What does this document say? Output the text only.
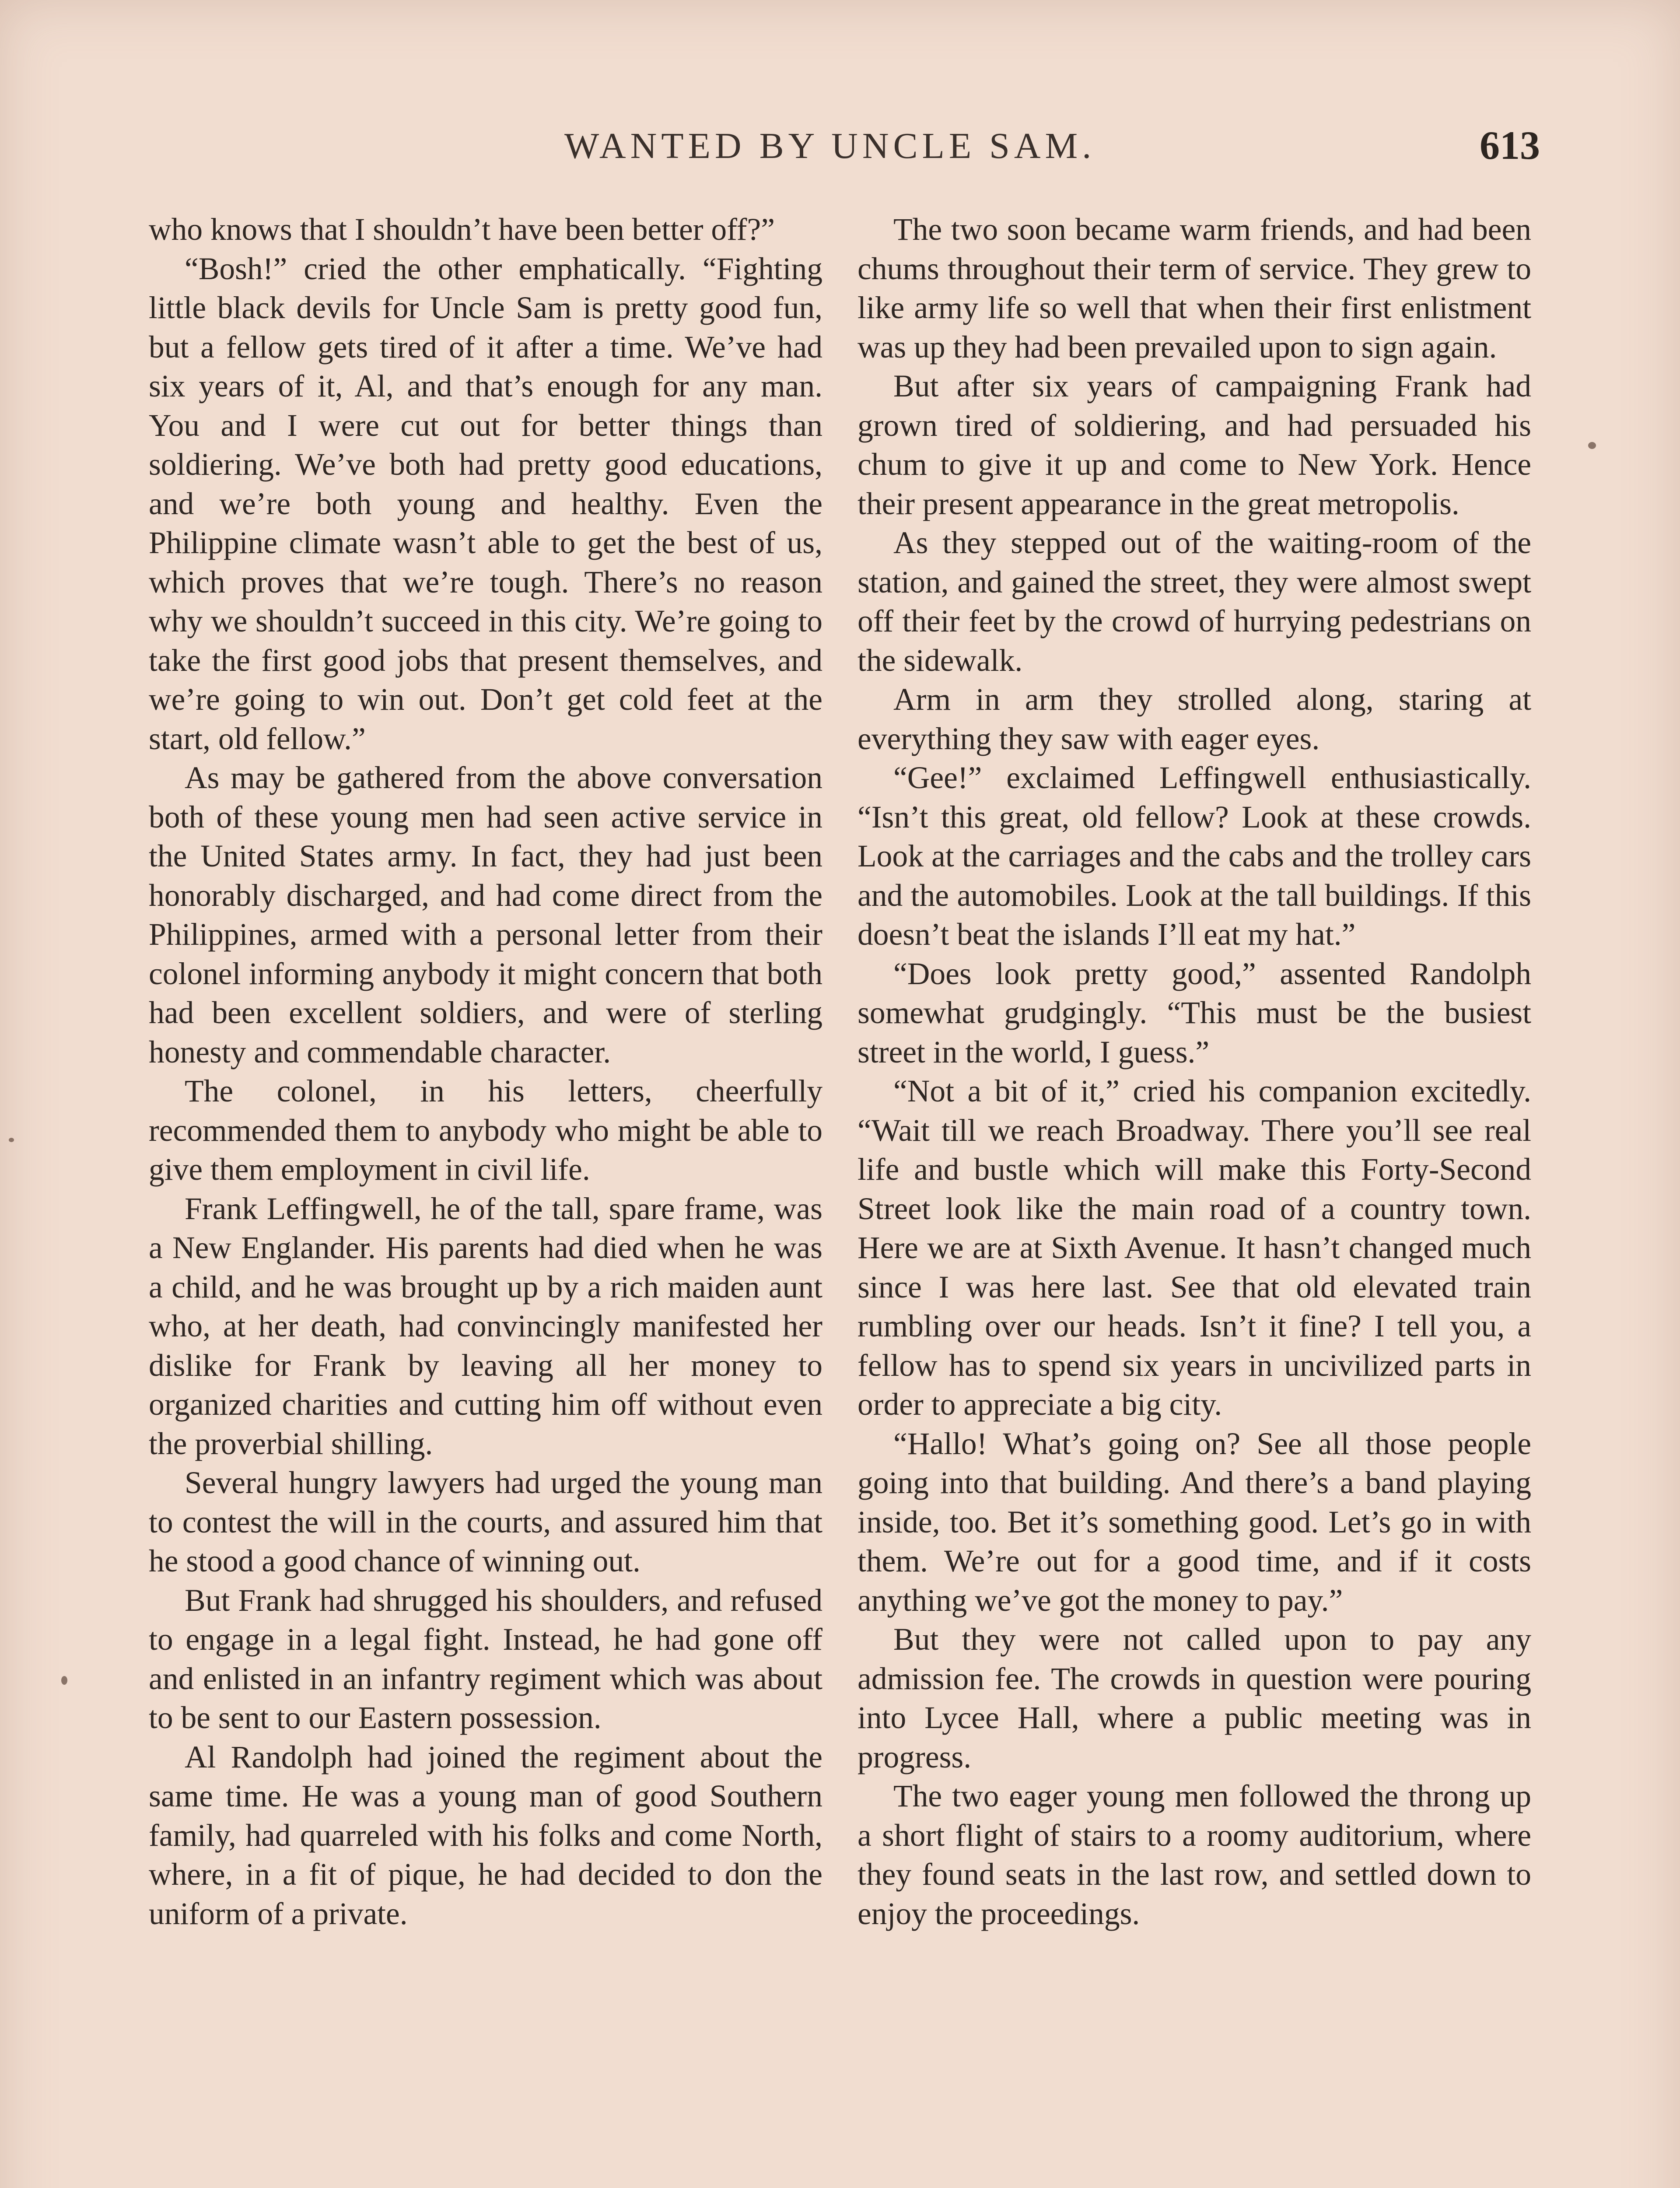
WANTED BY UNCLE SAM.	613

who knows that I shouldn’t have been better off?”

“Bosh!” cried the other emphatically. “Fighting little black devils for Uncle Sam is pretty good fun, but a fellow gets tired of it after a time. We’ve had six years of it, Al, and that’s enough for any man. You and I were cut out for better things than soldiering. We’ve both had pretty good educations, and we’re both young and healthy. Even the Philippine climate wasn’t able to get the best of us, which proves that we’re tough. There’s no reason why we shouldn’t succeed in this city. We’re going to take the first good jobs that present themselves, and we’re going to win out. Don’t get cold feet at the start, old fellow.”

As may be gathered from the above conversation both of these young men had seen active service in the United States army. In fact, they had just been honorably discharged, and had come direct from the Philippines, armed with a personal letter from their colonel informing anybody it might concern that both had been excellent soldiers, and were of sterling honesty and commendable character.

The colonel, in his letters, cheerfully recommended them to anybody who might be able to give them employment in civil life.

Frank Leffingwell, he of the tall, spare frame, was a New Englander. His parents had died when he was a child, and he was brought up by a rich maiden aunt who, at her death, had convincingly manifested her dislike for Frank by leaving all her money to organized charities and cutting him off without even the proverbial shilling.

Several hungry lawyers had urged the young man to contest the will in the courts, and assured him that he stood a good chance of winning out.

But Frank had shrugged his shoulders, and refused to engage in a legal fight. Instead, he had gone off and enlisted in an infantry regiment which was about to be sent to our Eastern possession.

Al Randolph had joined the regiment about the same time. He was a young man of good Southern family, had quarreled with his folks and come North, where, in a fit of pique, he had decided to don the uniform of a private.

The two soon became warm friends, and had been chums throughout their term of service. They grew to like army life so well that when their first enlistment was up they had been prevailed upon to sign again.

But after six years of campaigning Frank had grown tired of soldiering, and had persuaded his chum to give it up and come to New York. Hence their present appearance in the great metropolis.

As they stepped out of the waiting-room of the station, and gained the street, they were almost swept off their feet by the crowd of hurrying pedestrians on the sidewalk.

Arm in arm they strolled along, staring at everything they saw with eager eyes.

“Gee!” exclaimed Leffingwell enthusiastically. “Isn’t this great, old fellow? Look at these crowds. Look at the carriages and the cabs and the trolley cars and the automobiles. Look at the tall buildings. If this doesn’t beat the islands I’ll eat my hat.”

“Does look pretty good,” assented Randolph somewhat grudgingly. “This must be the busiest street in the world, I guess.”

“Not a bit of it,” cried his companion excitedly. “Wait till we reach Broadway. There you’ll see real life and bustle which will make this Forty-Second Street look like the main road of a country town. Here we are at Sixth Avenue. It hasn’t changed much since I was here last. See that old elevated train rumbling over our heads. Isn’t it fine? I tell you, a fellow has to spend six years in uncivilized parts in order to appreciate a big city.

“Hallo! What’s going on? See all those people going into that building. And there’s a band playing inside, too. Bet it’s something good. Let’s go in with them. We’re out for a good time, and if it costs anything we’ve got the money to pay.”

But they were not called upon to pay any admission fee. The crowds in question were pouring into Lycee Hall, where a public meeting was in progress.

The two eager young men followed the throng up a short flight of stairs to a roomy auditorium, where they found seats in the last row, and settled down to enjoy the proceedings.
